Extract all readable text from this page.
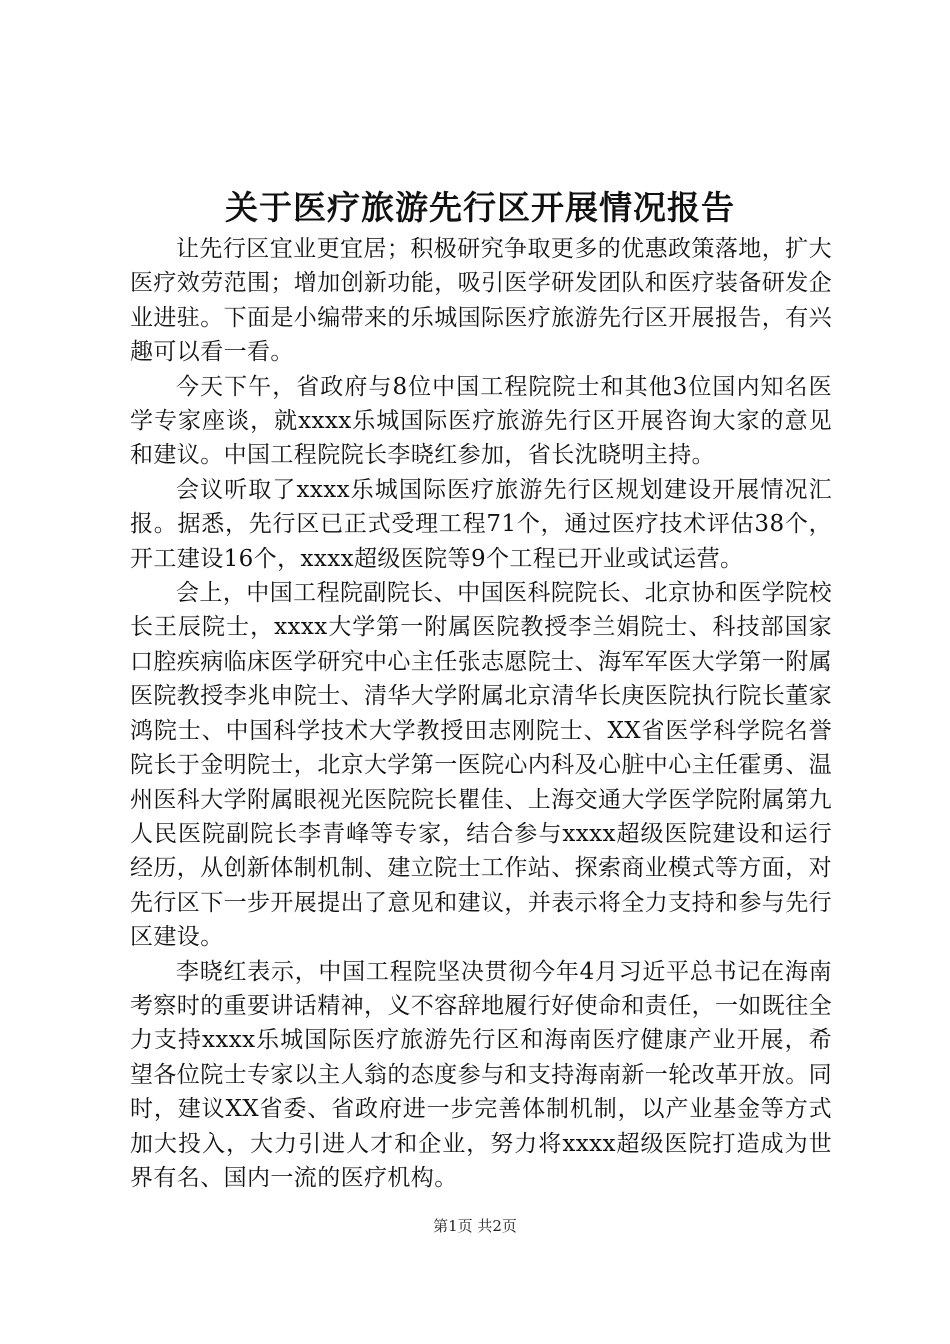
关于医疗旅游先行区开展情况报告

让先行区宜业更宜居；积极研究争取更多的优惠政策落地，扩大医疗效劳范围；增加创新功能，吸引医学研发团队和医疗装备研发企业进驻。下面是小编带来的乐城国际医疗旅游先行区开展报告，有兴趣可以看一看。

今天下午，省政府与8位中国工程院院士和其他3位国内知名医学专家座谈，就xxxx乐城国际医疗旅游先行区开展咨询大家的意见和建议。中国工程院院长李晓红参加，省长沈晓明主持。

会议听取了xxxx乐城国际医疗旅游先行区规划建设开展情况汇报。据悉，先行区已正式受理工程71个，通过医疗技术评估38个，开工建设16个，xxxx超级医院等9个工程已开业或试运营。

会上，中国工程院副院长、中国医科院院长、北京协和医学院校长王辰院士，xxxx大学第一附属医院教授李兰娟院士、科技部国家口腔疾病临床医学研究中心主任张志愿院士、海军军医大学第一附属医院教授李兆申院士、清华大学附属北京清华长庚医院执行院长董家鸿院士、中国科学技术大学教授田志刚院士、XX省医学科学院名誉院长于金明院士，北京大学第一医院心内科及心脏中心主任霍勇、温州医科大学附属眼视光医院院长瞿佳、上海交通大学医学院附属第九人民医院副院长李青峰等专家，结合参与xxxx超级医院建设和运行经历，从创新体制机制、建立院士工作站、探索商业模式等方面，对先行区下一步开展提出了意见和建议，并表示将全力支持和参与先行区建设。

李晓红表示，中国工程院坚决贯彻今年4月习近平总书记在海南考察时的重要讲话精神，义不容辞地履行好使命和责任，一如既往全力支持xxxx乐城国际医疗旅游先行区和海南医疗健康产业开展，希望各位院士专家以主人翁的态度参与和支持海南新一轮改革开放。同时，建议XX省委、省政府进一步完善体制机制，以产业基金等方式加大投入，大力引进人才和企业，努力将xxxx超级医院打造成为世界有名、国内一流的医疗机构。

第1页 共2页
